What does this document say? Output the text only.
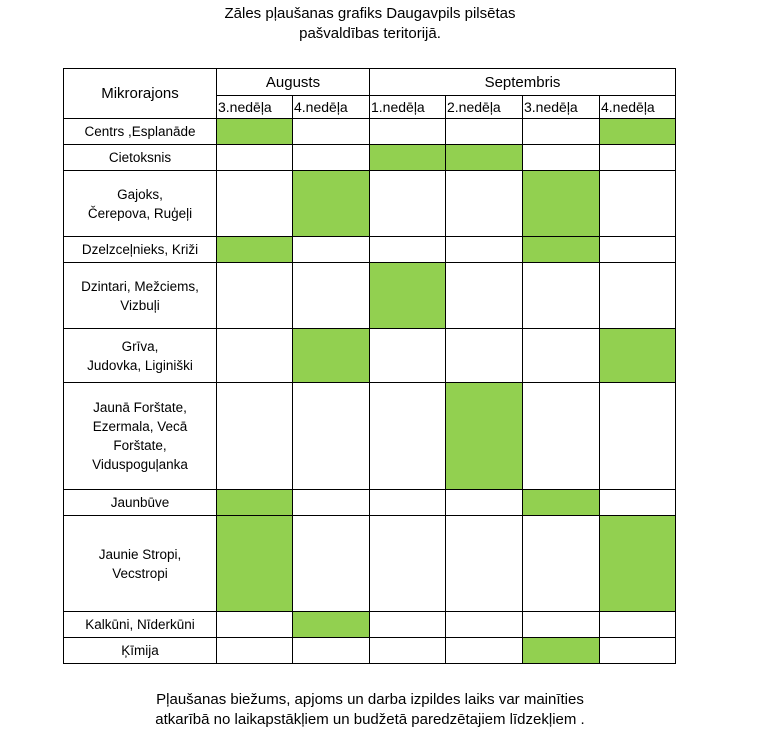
Zāles pļaušanas grafiks Daugavpils pilsētas
pašvaldības teritorijā.
Mikrorajons	Augusts		Septembris			
	3.nedēļa	4.nedēļa	1.nedēļa	2.nedēļa	3.nedēļa	4.nedēļa

Centrs ,Esplanāde						

Cietoksnis						

Gajoks,
Čerepova, Ruģeļi						

Dzelzceļnieks, Križi						

Dzintari, Mežciems,
Vizbuļi						

Grīva,
Judovka, Liginiški						

Jaunā Forštate,
Ezermala, Vecā
Forštate,
Viduspoguļanka						

Jaunbūve						

Jaunie Stropi,
Vecstropi						

Kalkūni, Nīderkūni						

Ķīmija						

Pļaušanas biežums, apjoms un darba izpildes laiks var mainīties
atkarībā no laikapstākļiem un budžetā paredzētajiem līdzekļiem .
